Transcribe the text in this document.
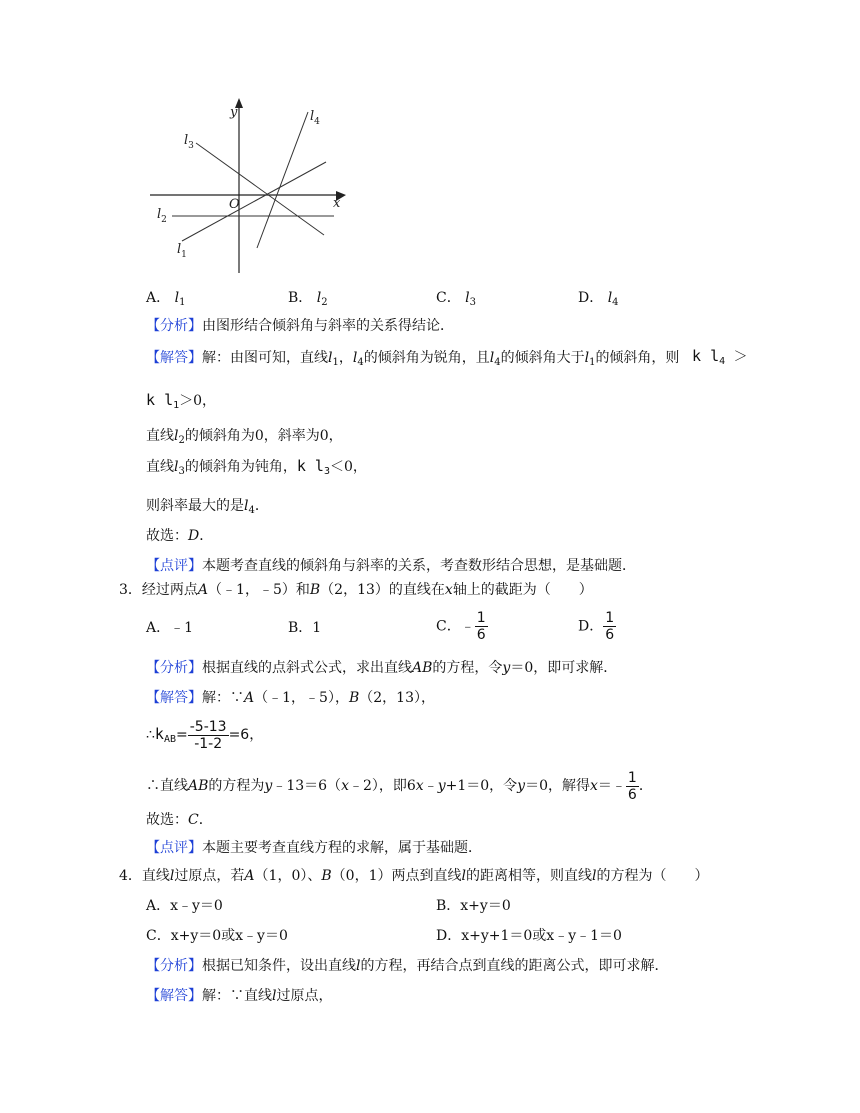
y
x
O
$l_3$
$l_4$
$l_2$
$l_1$
A． $l_1$	B． $l_2$	C． $l_3$	D． $l_4$
【分析】由图形结合倾斜角与斜率的关系得结论．
【解答】解：由图可知，直线$l_1$，$l_4$的倾斜角为锐角，且$l_4$的倾斜角大于$l_1$的倾斜角，则 k $l_4$ ＞
k $l_1>0$，
直线$l_2$的倾斜角为0，斜率为0，
直线$l_3$的倾斜角为钝角，k $l_3<0$，
则斜率最大的是$l_4$．
故选：D．
【点评】本题考查直线的倾斜角与斜率的关系，考查数形结合思想，是基础题．
3．经过两点A（﹣1，﹣5）和B（2，13）的直线在x轴上的截距为（　　）
A．﹣1	B．1	C．﹣ $\frac{1}{6}$	D． $\frac{1}{6}$
【分析】根据直线的点斜式公式，求出直线AB的方程，令y＝0，即可求解．
【解答】解：∵A（﹣1，﹣5），B（2，13），
$\therefore k_{AB}= \frac{-5-13}{-1-2} =6$，
∴直线AB的方程为y﹣13＝6（x﹣2），即6x﹣y+1＝0，令y＝0，解得x＝﹣ $\frac{1}{6}$ ．
故选：C．
【点评】本题主要考查直线方程的求解，属于基础题．
4．直线l过原点，若A（1，0）、B（0，1）两点到直线l的距离相等，则直线l的方程为（　　）
A．x﹣y＝0	B．x+y＝0
C．x+y＝0或x﹣y＝0	D．x+y+1＝0或x﹣y﹣1＝0
【分析】根据已知条件，设出直线l的方程，再结合点到直线的距离公式，即可求解．
【解答】解：∵直线l过原点，
